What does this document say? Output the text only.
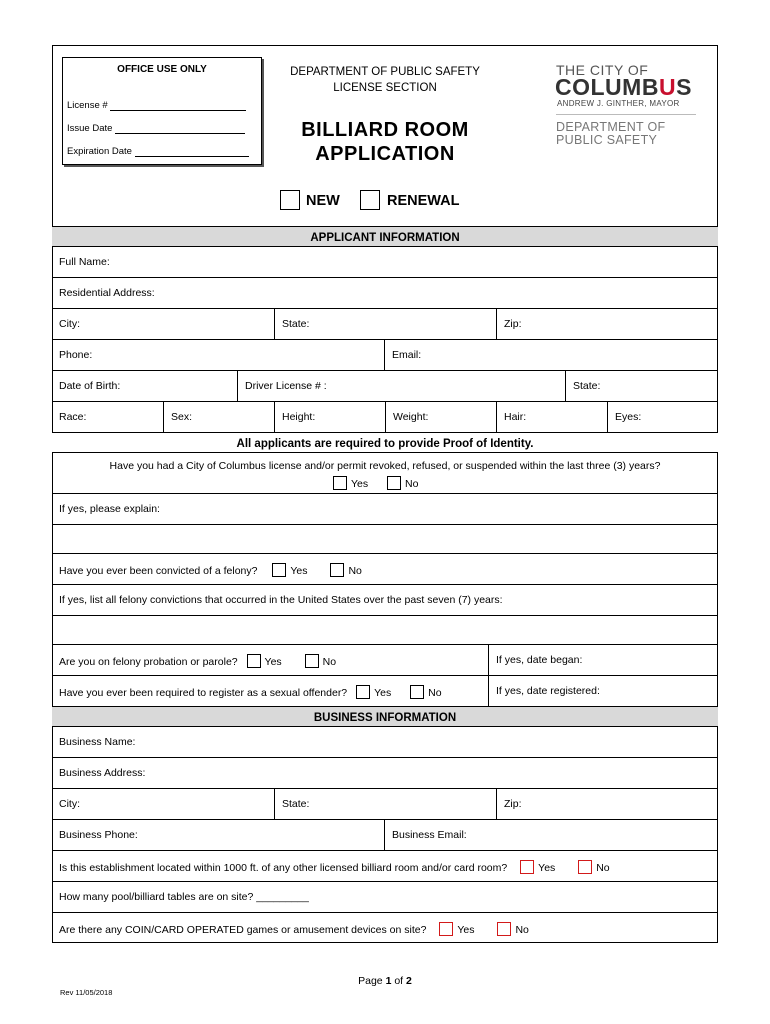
OFFICE USE ONLY
License #
Issue Date
Expiration Date
DEPARTMENT OF PUBLIC SAFETY
LICENSE SECTION
BILLIARD ROOM
APPLICATION
THE CITY OF
COLUMBUS
ANDREW J. GINTHER, MAYOR
DEPARTMENT OF
PUBLIC SAFETY
NEW	RENEWAL
APPLICANT INFORMATION
Full Name:
Residential Address:
City:	State:	Zip:
Phone:	Email:
Date of Birth:	Driver License # :	State:
Race:	Sex:	Height:	Weight:	Hair:	Eyes:
All applicants are required to provide Proof of Identity.
Have you had a City of Columbus license and/or permit revoked, refused, or suspended within the last three (3) years?
Yes	No
If yes, please explain:
Have you ever been convicted of a felony?	Yes	No
If yes, list all felony convictions that occurred in the United States over the past seven (7) years:
Are you on felony probation or parole?	Yes	No	If yes, date began:
Have you ever been required to register as a sexual offender?	Yes	No	If yes, date registered:
BUSINESS INFORMATION
Business Name:
Business Address:
City:	State:	Zip:
Business Phone:	Business Email:
Is this establishment located within 1000 ft. of any other licensed billiard room and/or card room?	Yes	No
How many pool/billiard tables are on site? _________
Are there any COIN/CARD OPERATED games or amusement devices on site?	Yes	No
Page 1 of 2
Rev 11/05/2018
